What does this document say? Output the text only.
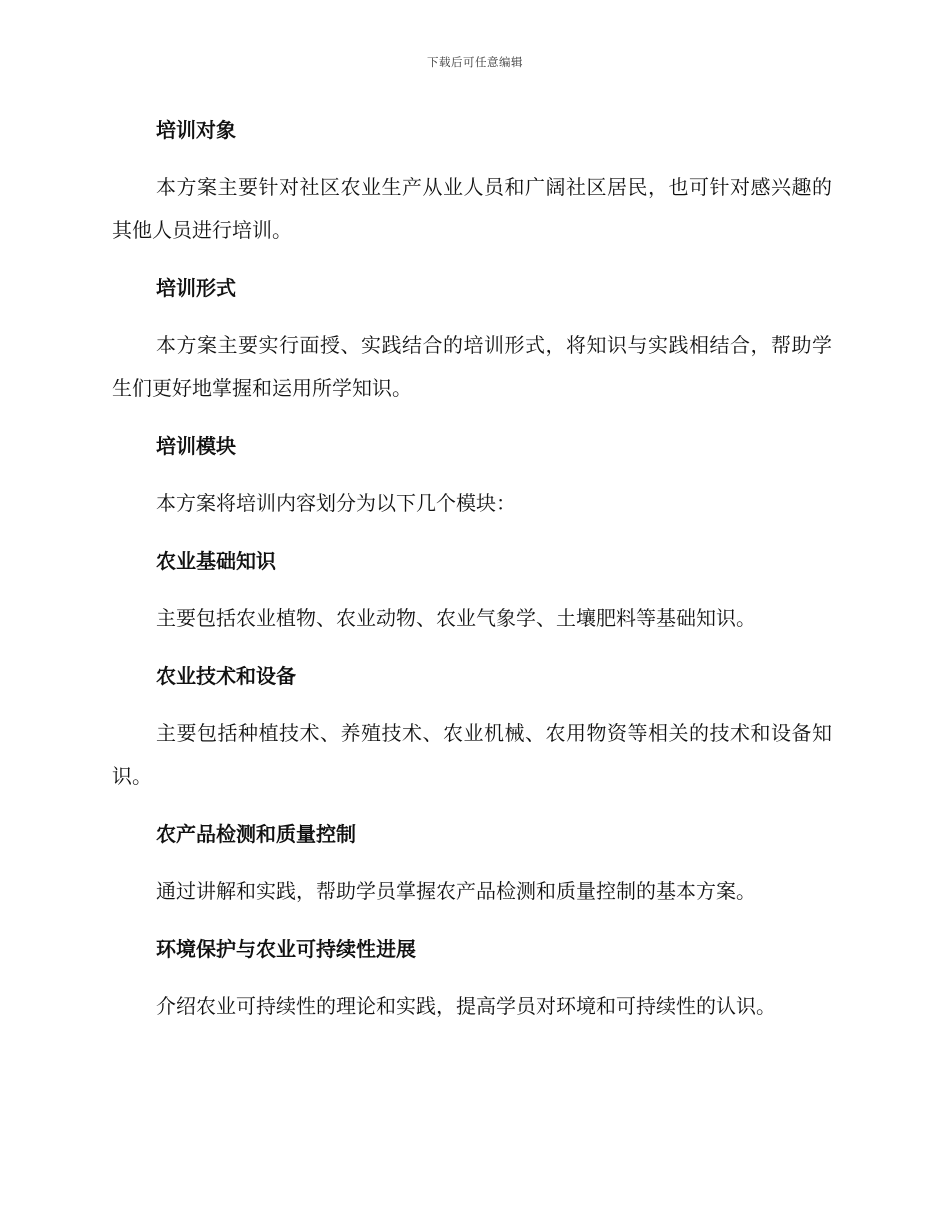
下载后可任意编辑
培训对象

本方案主要针对社区农业生产从业人员和广阔社区居民，也可针对感兴趣的其他人员进行培训。

培训形式

本方案主要实行面授、实践结合的培训形式，将知识与实践相结合，帮助学生们更好地掌握和运用所学知识。

培训模块

本方案将培训内容划分为以下几个模块：

农业基础知识

主要包括农业植物、农业动物、农业气象学、土壤肥料等基础知识。

农业技术和设备

主要包括种植技术、养殖技术、农业机械、农用物资等相关的技术和设备知识。

农产品检测和质量控制

通过讲解和实践，帮助学员掌握农产品检测和质量控制的基本方案。

环境保护与农业可持续性进展

介绍农业可持续性的理论和实践，提高学员对环境和可持续性的认识。
